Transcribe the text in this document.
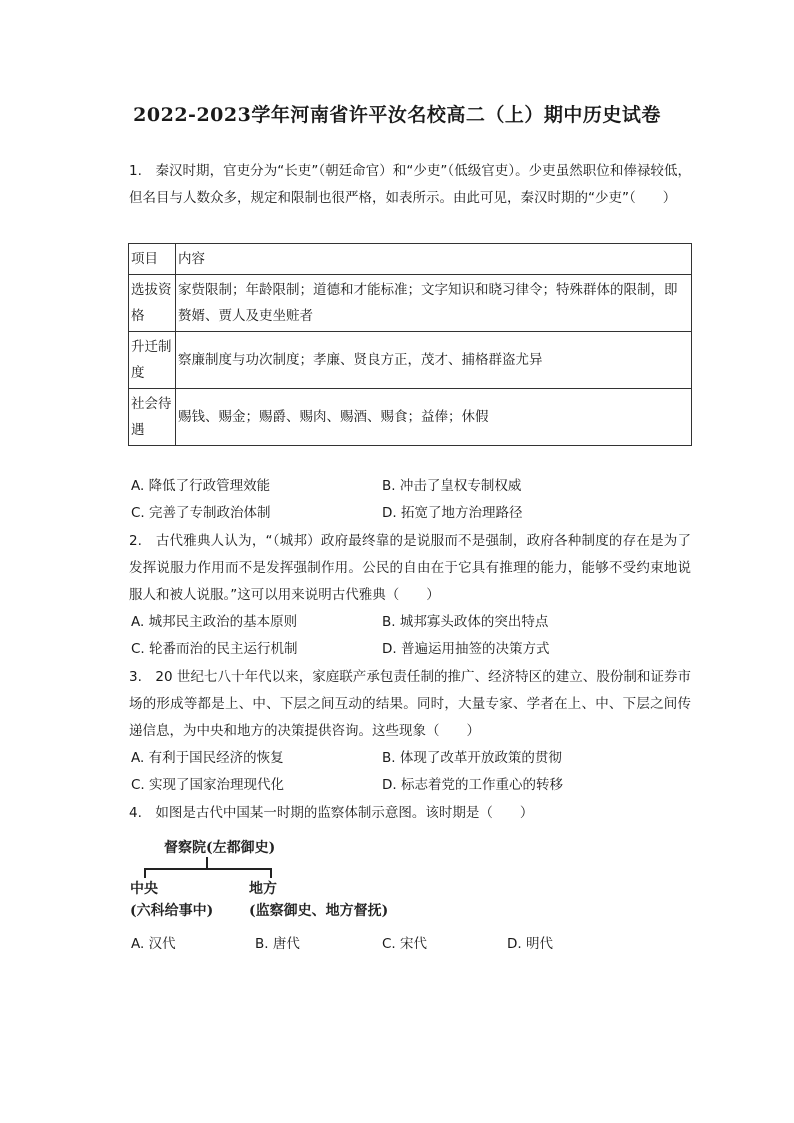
2022-2023学年河南省许平汝名校高二（上）期中历史试卷
1.　秦汉时期，官吏分为“长吏”（朝廷命官）和“少吏”（低级官吏）。少吏虽然职位和俸禄较低，但名目与人数众多，规定和限制也很严格，如表所示。由此可见，秦汉时期的“少吏”（　　）
项目	内容
选拔资格	家赀限制；年龄限制；道德和才能标准；文字知识和晓习律令；特殊群体的限制，即赘婿、贾人及吏坐赃者
升迁制度	察廉制度与功次制度；孝廉、贤良方正，茂才、捕格群盗尤异
社会待遇	赐钱、赐金；赐爵、赐肉、赐酒、赐食；益俸；休假
A. 降低了行政管理效能	B. 冲击了皇权专制权威
C. 完善了专制政治体制	D. 拓宽了地方治理路径
2.　古代雅典人认为，“（城邦）政府最终靠的是说服而不是强制，政府各种制度的存在是为了发挥说服力作用而不是发挥强制作用。公民的自由在于它具有推理的能力，能够不受约束地说服人和被人说服。”这可以用来说明古代雅典（　　）
A. 城邦民主政治的基本原则	B. 城邦寡头政体的突出特点
C. 轮番而治的民主运行机制	D. 普遍运用抽签的决策方式
3.　20 世纪七八十年代以来，家庭联产承包责任制的推广、经济特区的建立、股份制和证券市场的形成等都是上、中、下层之间互动的结果。同时，大量专家、学者在上、中、下层之间传递信息，为中央和地方的决策提供咨询。这些现象（　　）
A. 有利于国民经济的恢复	B. 体现了改革开放政策的贯彻
C. 实现了国家治理现代化	D. 标志着党的工作重心的转移
4.　如图是古代中国某一时期的监察体制示意图。该时期是（　　）
督察院(左都御史)
中央
(六科给事中)
地方
(监察御史、地方督抚)
A. 汉代	B. 唐代	C. 宋代	D. 明代
